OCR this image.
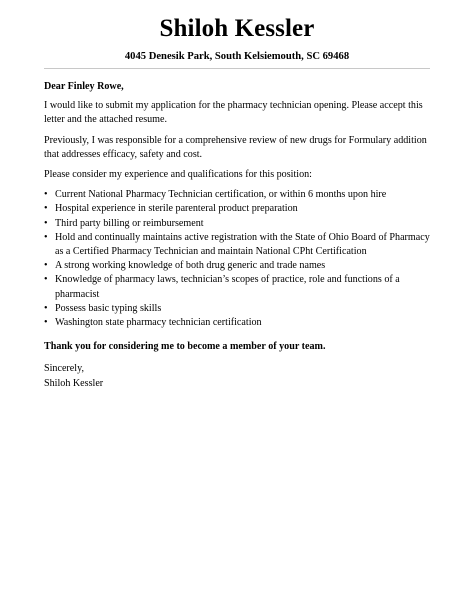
Shiloh Kessler
4045 Denesik Park, South Kelsiemouth, SC 69468

Dear Finley Rowe,

I would like to submit my application for the pharmacy technician opening. Please accept this letter and the attached resume.

Previously, I was responsible for a comprehensive review of new drugs for Formulary addition that addresses efficacy, safety and cost.

Please consider my experience and qualifications for this position:

• Current National Pharmacy Technician certification, or within 6 months upon hire
• Hospital experience in sterile parenteral product preparation
• Third party billing or reimbursement
• Hold and continually maintains active registration with the State of Ohio Board of Pharmacy as a Certified Pharmacy Technician and maintain National CPht Certification
• A strong working knowledge of both drug generic and trade names
• Knowledge of pharmacy laws, technician’s scopes of practice, role and functions of a pharmacist
• Possess basic typing skills
• Washington state pharmacy technician certification

Thank you for considering me to become a member of your team.

Sincerely,

Shiloh Kessler
